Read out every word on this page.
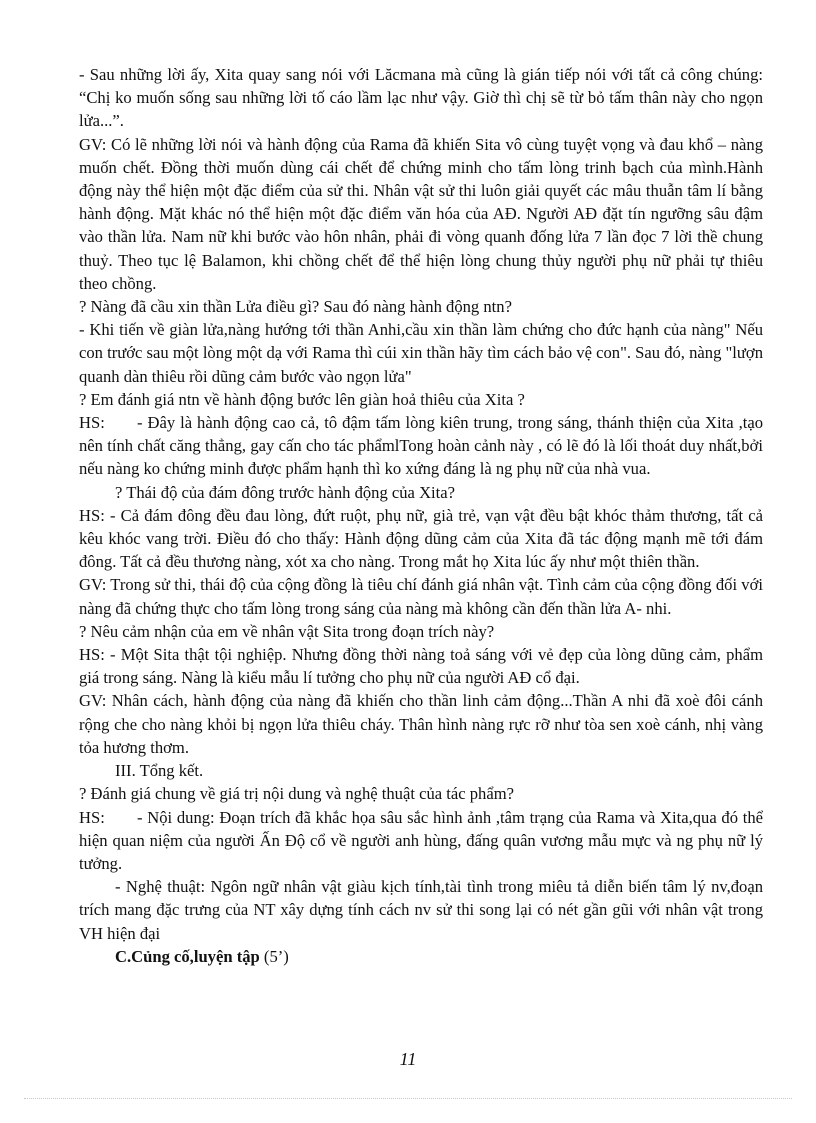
- Sau những lời ấy, Xita quay sang nói với Lăcmana mà cũng là gián tiếp nói với tất cả công chúng: “Chị ko muốn sống sau những lời tố cáo lầm lạc như vậy. Giờ thì chị sẽ từ bỏ tấm thân này cho ngọn lửa...”.

GV: Có lẽ những lời nói và hành động của Rama đã khiến Sita vô cùng tuyệt vọng và đau khổ – nàng muốn chết. Đồng thời muốn dùng cái chết để chứng minh cho tấm lòng trinh bạch của mình.Hành động này thể hiện một đặc điểm của sử thi. Nhân vật sử thi luôn giải quyết các mâu thuẫn tâm lí bằng hành động. Mặt khác nó thể hiện một đặc điểm văn hóa của AĐ. Người AĐ đặt tín ngưỡng sâu đậm vào thần lửa. Nam nữ khi bước vào hôn nhân, phải đi vòng quanh đống lửa 7 lần đọc 7 lời thề chung thuỷ. Theo tục lệ Balamon, khi chồng chết để thể hiện lòng chung thủy người phụ nữ phải tự thiêu theo chồng.

? Nàng đã cầu xin thần Lửa điều gì? Sau đó nàng hành động ntn?

- Khi tiến về giàn lửa,nàng hướng tới thần Anhi,cầu xin thần làm chứng cho đức hạnh của nàng" Nếu con trước sau một lòng một dạ với Rama thì cúi xin thần hãy tìm cách bảo vệ con". Sau đó, nàng "lượn quanh dàn thiêu rồi dũng cảm bước vào ngọn lửa"

? Em đánh giá ntn về hành động bước lên giàn hoả thiêu của Xita ?

HS: - Đây là hành động cao cả, tô đậm tấm lòng kiên trung, trong sáng, thánh thiện của Xita ,tạo nên tính chất căng thẳng, gay cấn cho tác phẩmlTong hoàn cảnh này , có lẽ đó là lối thoát duy nhất,bởi nếu nàng ko chứng minh được phẩm hạnh thì ko xứng đáng là ng phụ nữ của nhà vua.

? Thái độ của đám đông trước hành động của Xita?

HS: - Cả đám đông đều đau lòng, đứt ruột, phụ nữ, già trẻ, vạn vật đều bật khóc thảm thương, tất cả kêu khóc vang trời. Điều đó cho thấy: Hành động dũng cảm của Xita đã tác động mạnh mẽ tới đám đông. Tất cả đều thương nàng, xót xa cho nàng. Trong mắt họ Xita lúc ấy như một thiên thần.

GV: Trong sử thi, thái độ của cộng đồng là tiêu chí đánh giá nhân vật. Tình cảm của cộng đồng đối với nàng đã chứng thực cho tấm lòng trong sáng của nàng mà không cần đến thần lửa A- nhi.

? Nêu cảm nhận của em về nhân vật Sita trong đoạn trích này?

HS: - Một Sita thật tội nghiệp. Nhưng đồng thời nàng toả sáng với vẻ đẹp của lòng dũng cảm, phẩm giá trong sáng. Nàng là kiểu mẫu lí tưởng cho phụ nữ của người AĐ cổ đại.

GV: Nhân cách, hành động của nàng đã khiến cho thần linh cảm động...Thần A nhi đã xoè đôi cánh rộng che cho nàng khỏi bị ngọn lửa thiêu cháy. Thân hình nàng rực rỡ như tòa sen xoè cánh, nhị vàng tỏa hương thơm.

III. Tổng kết.

? Đánh giá chung về giá trị nội dung và nghệ thuật của tác phẩm?

HS: - Nội dung: Đoạn trích đã khắc họa sâu sắc hình ảnh ,tâm trạng của Rama và Xita,qua đó thể hiện quan niệm của người Ấn Độ cổ về người anh hùng, đấng quân vương mẫu mực và ng phụ nữ lý tưởng.

- Nghệ thuật: Ngôn ngữ nhân vật giàu kịch tính,tài tình trong miêu tả diễn biến tâm lý nv,đoạn trích mang đặc trưng của NT xây dựng tính cách nv sử thi song lại có nét gần gũi với nhân vật trong VH hiện đại

C.Củng cố,luyện tập (5’)

11
